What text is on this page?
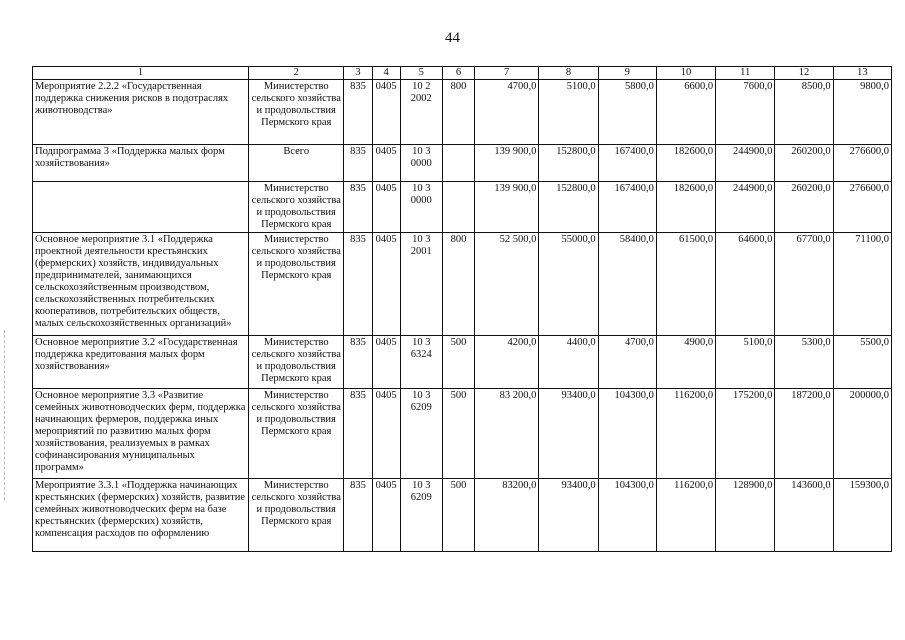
44
1	2	3	4	5	6	7	8	9	10	11	12	13
Мероприятие 2.2.2 «Государственная поддержка снижения рисков в подотраслях животноводства»	Министерство сельского хозяйства и продовольствия Пермского края	835	0405	10 2 2002	800	4700,0	5100,0	5800,0	6600,0	7600,0	8500,0	9800,0
Подпрограмма 3 «Поддержка малых форм хозяйствования»	Всего	835	0405	10 3 0000		139 900,0	152800,0	167400,0	182600,0	244900,0	260200,0	276600,0
	Министерство сельского хозяйства и продовольствия Пермского края	835	0405	10 3 0000		139 900,0	152800,0	167400,0	182600,0	244900,0	260200,0	276600,0
Основное мероприятие 3.1 «Поддержка проектной деятельности крестьянских (фермерских) хозяйств, индивидуальных предпринимателей, занимающихся сельскохозяйственным производством, сельскохозяйственных потребительских кооперативов, потребительских обществ, малых сельскохозяйственных организаций»	Министерство сельского хозяйства и продовольствия Пермского края	835	0405	10 3 2001	800	52 500,0	55000,0	58400,0	61500,0	64600,0	67700,0	71100,0
Основное мероприятие 3.2 «Государственная поддержка кредитования малых форм хозяйствования»	Министерство сельского хозяйства и продовольствия Пермского края	835	0405	10 3 6324	500	4200,0	4400,0	4700,0	4900,0	5100,0	5300,0	5500,0
Основное мероприятие 3.3 «Развитие семейных животноводческих ферм, поддержка начинающих фермеров, поддержка иных мероприятий по развитию малых форм хозяйствования, реализуемых в рамках софинансирования муниципальных программ»	Министерство сельского хозяйства и продовольствия Пермского края	835	0405	10 3 6209	500	83 200,0	93400,0	104300,0	116200,0	175200,0	187200,0	200000,0
Мероприятие 3.3.1 «Поддержка начинающих крестьянских (фермерских) хозяйств, развитие семейных животноводческих ферм на базе крестьянских (фермерских) хозяйств, компенсация расходов по оформлению	Министерство сельского хозяйства и продовольствия Пермского края	835	0405	10 3 6209	500	83200,0	93400,0	104300,0	116200,0	128900,0	143600,0	159300,0
